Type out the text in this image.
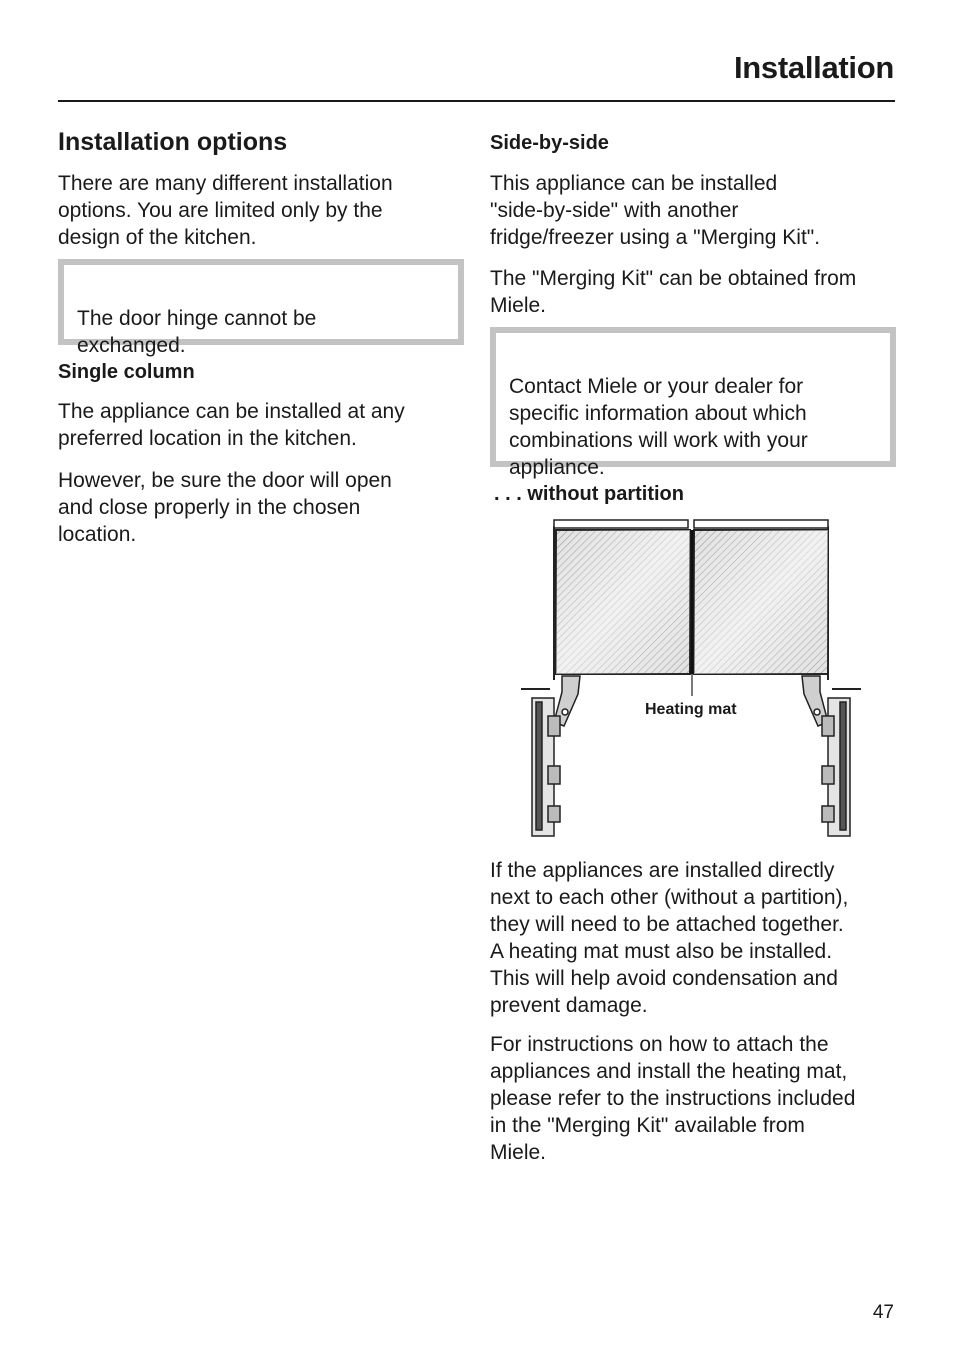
Installation
Installation options

There are many different installation
options. You are limited only by the
design of the kitchen.

The door hinge cannot be
exchanged.

Single column

The appliance can be installed at any
preferred location in the kitchen.

However, be sure the door will open
and close properly in the chosen
location.

Side-by-side

This appliance can be installed
"side-by-side" with another
fridge/freezer using a "Merging Kit".

The "Merging Kit" can be obtained from
Miele.

Contact Miele or your dealer for
specific information about which
combinations will work with your
appliance.

. . . without partition

Heating mat

If the appliances are installed directly
next to each other (without a partition),
they will need to be attached together.
A heating mat must also be installed.
This will help avoid condensation and
prevent damage.

For instructions on how to attach the
appliances and install the heating mat,
please refer to the instructions included
in the "Merging Kit" available from
Miele.

47
